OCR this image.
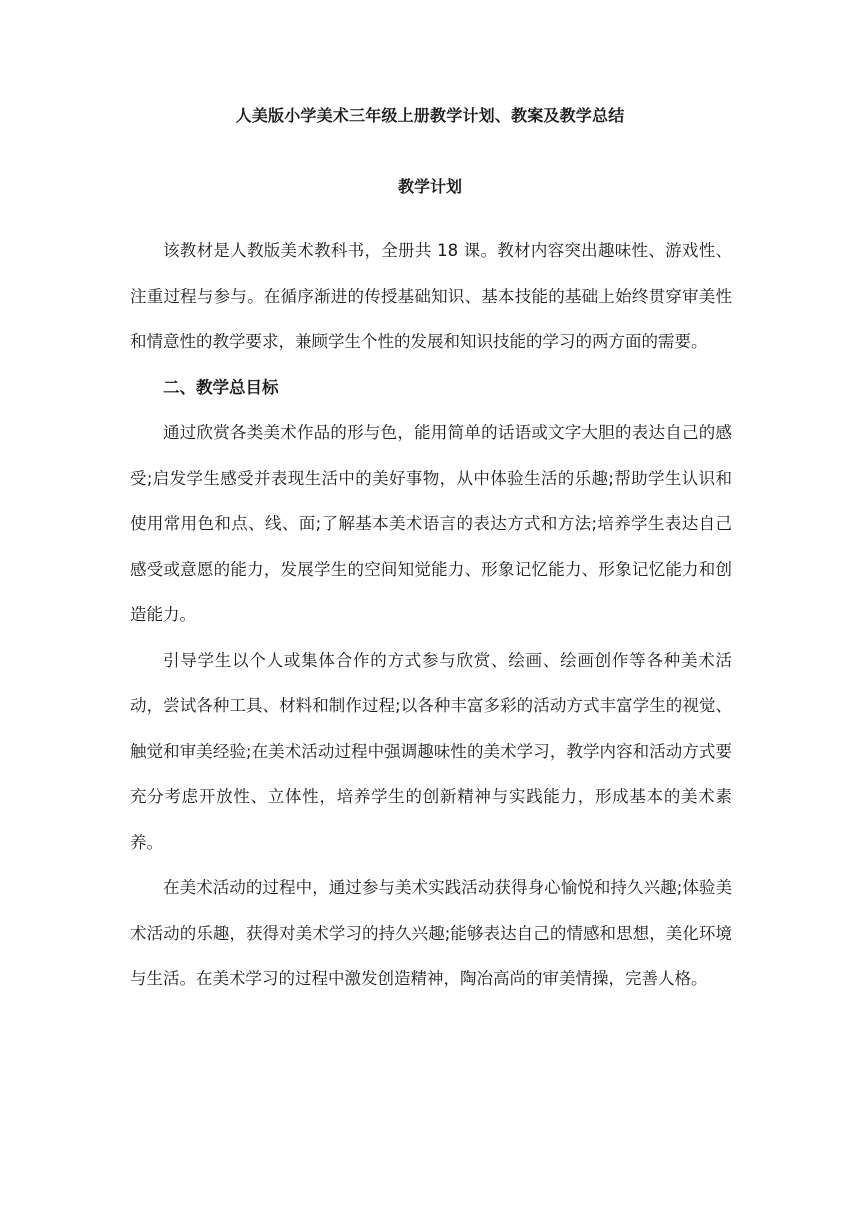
人美版小学美术三年级上册教学计划、教案及教学总结
教学计划

该教材是人教版美术教科书，全册共 18 课。教材内容突出趣味性、游戏性、注重过程与参与。在循序渐进的传授基础知识、基本技能的基础上始终贯穿审美性和情意性的教学要求，兼顾学生个性的发展和知识技能的学习的两方面的需要。

二、教学总目标

通过欣赏各类美术作品的形与色，能用简单的话语或文字大胆的表达自己的感受;启发学生感受并表现生活中的美好事物，从中体验生活的乐趣;帮助学生认识和使用常用色和点、线、面;了解基本美术语言的表达方式和方法;培养学生表达自己感受或意愿的能力，发展学生的空间知觉能力、形象记忆能力、形象记忆能力和创造能力。

引导学生以个人或集体合作的方式参与欣赏、绘画、绘画创作等各种美术活动，尝试各种工具、材料和制作过程;以各种丰富多彩的活动方式丰富学生的视觉、触觉和审美经验;在美术活动过程中强调趣味性的美术学习，教学内容和活动方式要充分考虑开放性、立体性，培养学生的创新精神与实践能力，形成基本的美术素养。

在美术活动的过程中，通过参与美术实践活动获得身心愉悦和持久兴趣;体验美术活动的乐趣，获得对美术学习的持久兴趣;能够表达自己的情感和思想，美化环境与生活。在美术学习的过程中激发创造精神，陶冶高尚的审美情操，完善人格。
